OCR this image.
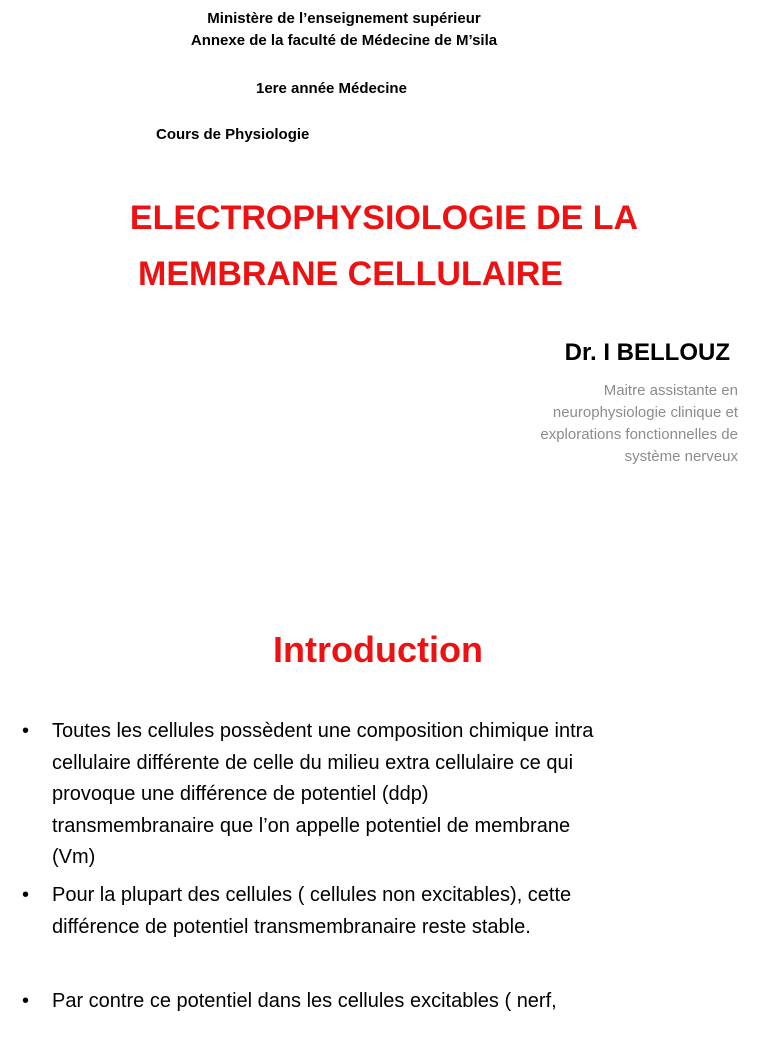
Ministère de l’enseignement supérieur
Annexe de la faculté de Médecine de M’sila
1ere année Médecine
Cours de Physiologie
ELECTROPHYSIOLOGIE DE LA
MEMBRANE CELLULAIRE
Dr. I BELLOUZ
Maitre assistante en
neurophysiologie clinique et
explorations fonctionnelles de
système nerveux
Introduction
•	Toutes les cellules possèdent une composition chimique intra
cellulaire différente de celle du milieu extra cellulaire ce qui
provoque une différence de potentiel (ddp)
transmembranaire que l’on appelle potentiel de membrane
(Vm)
•	Pour la plupart des cellules ( cellules non excitables), cette
différence de potentiel transmembranaire reste stable.
•	Par contre ce potentiel dans les cellules excitables ( nerf,
